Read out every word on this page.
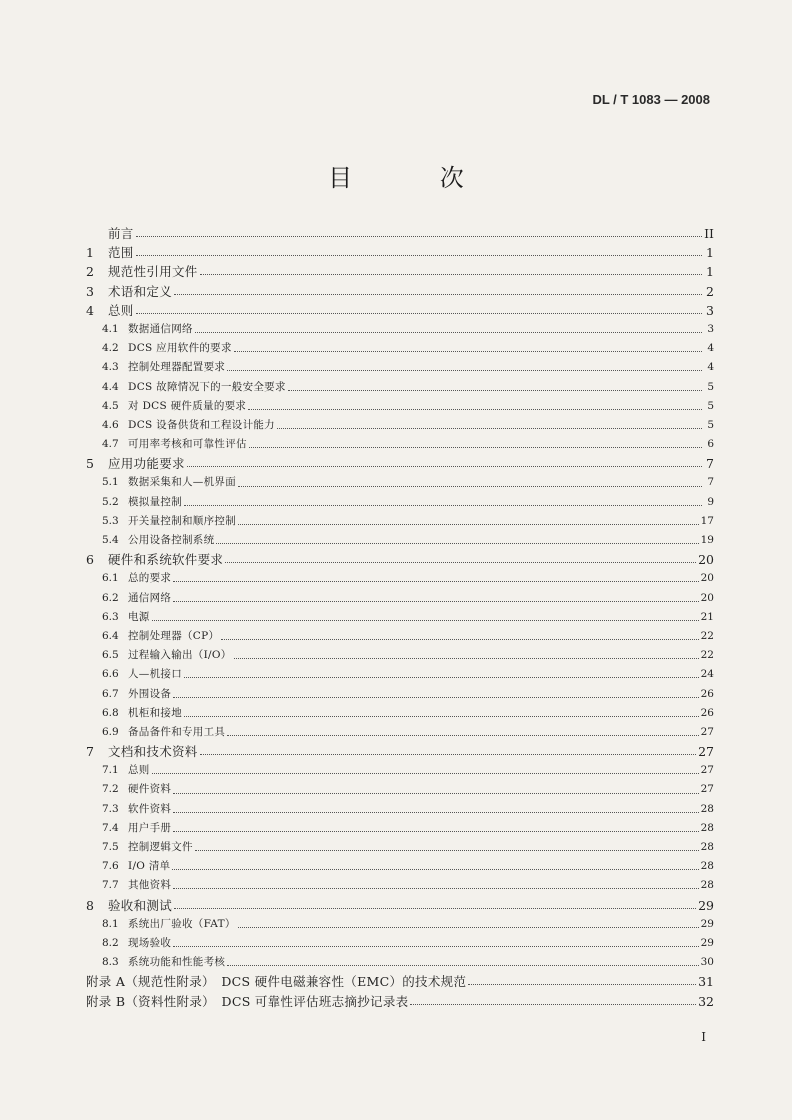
DL / T 1083 — 2008
目 次
前言	II
1	范围	1
2	规范性引用文件	1
3	术语和定义	2
4	总则	3
4.1 数据通信网络	3
4.2 DCS 应用软件的要求	4
4.3 控制处理器配置要求	4
4.4 DCS 故障情况下的一般安全要求	5
4.5 对 DCS 硬件质量的要求	5
4.6 DCS 设备供货和工程设计能力	5
4.7 可用率考核和可靠性评估	6
5	应用功能要求	7
5.1 数据采集和人—机界面	7
5.2 模拟量控制	9
5.3 开关量控制和顺序控制	17
5.4 公用设备控制系统	19
6	硬件和系统软件要求	20
6.1 总的要求	20
6.2 通信网络	20
6.3 电源	21
6.4 控制处理器（CP）	22
6.5 过程输入输出（I/O）	22
6.6 人—机接口	24
6.7 外围设备	26
6.8 机柜和接地	26
6.9 备品备件和专用工具	27
7	文档和技术资料	27
7.1 总则	27
7.2 硬件资料	27
7.3 软件资料	28
7.4 用户手册	28
7.5 控制逻辑文件	28
7.6 I/O 清单	28
7.7 其他资料	28
8	验收和测试	29
8.1 系统出厂验收（FAT）	29
8.2 现场验收	29
8.3 系统功能和性能考核	30
附录 A（规范性附录）　DCS 硬件电磁兼容性（EMC）的技术规范	31
附录 B（资料性附录）　DCS 可靠性评估班志摘抄记录表	32
I
